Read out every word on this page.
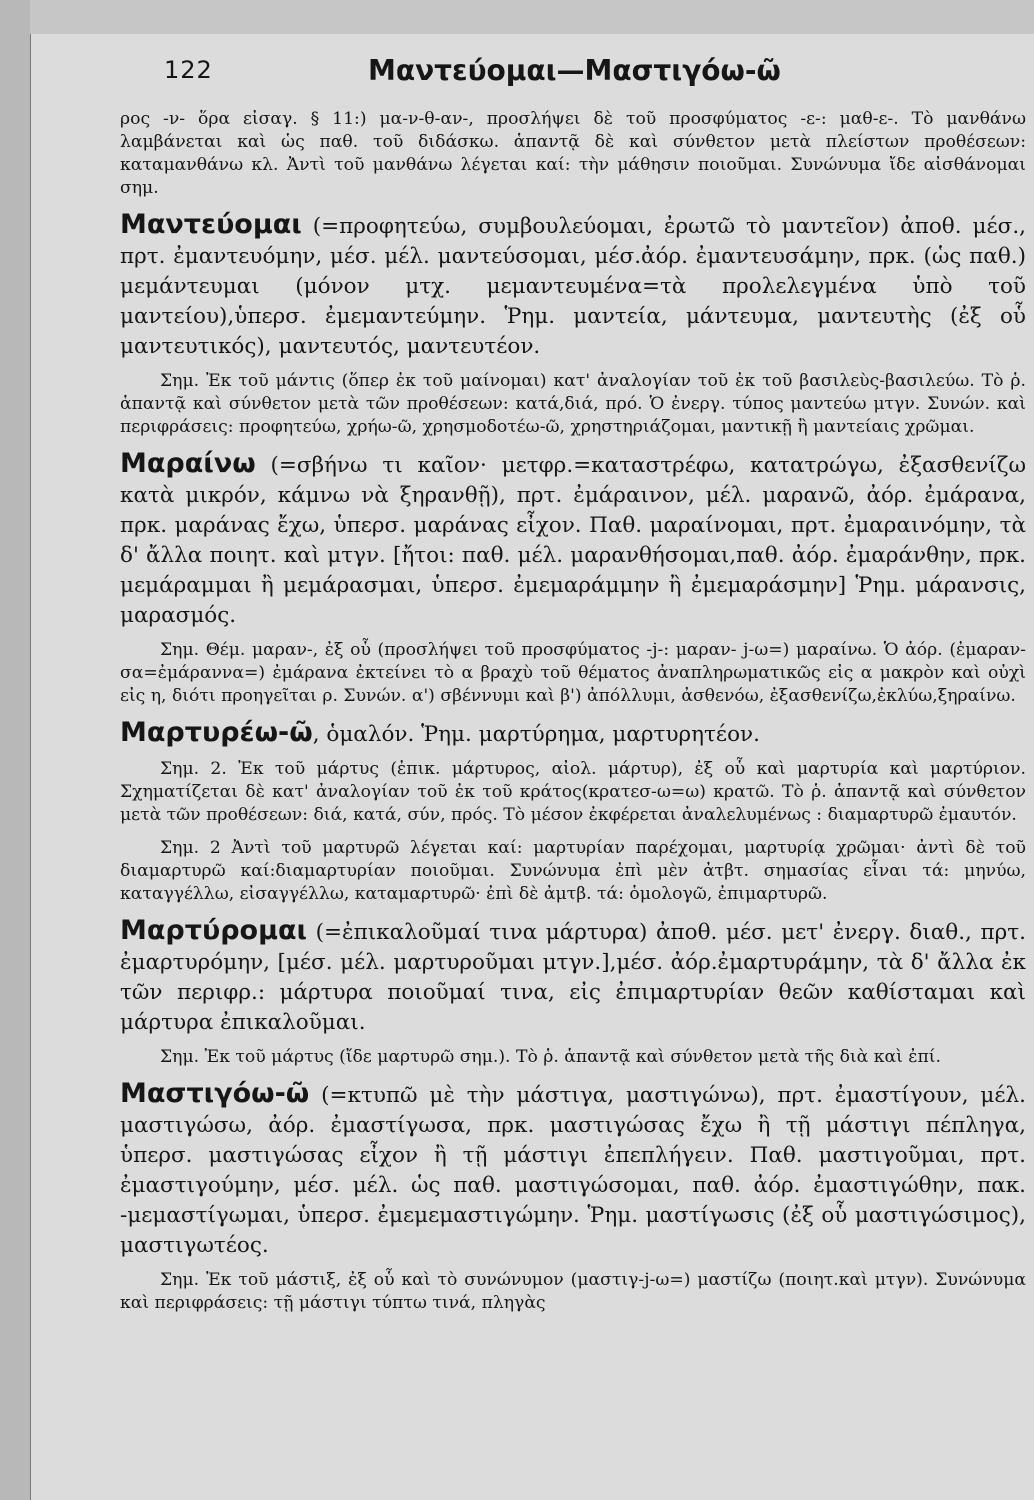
122	Μαντεύομαι—Μαστιγόω-ῶ

ρος -ν- ὅρα εἰσαγ. § 11:) μα-ν-θ-αν-, προσλήψει δὲ τοῦ προσφύματος -ε-: μαθ-ε-. Τὸ μανθάνω λαμβάνεται καὶ ὡς παθ. τοῦ διδάσκω. ἁπαντᾷ δὲ καὶ σύνθετον μετὰ πλείστων προθέσεων: καταμανθάνω κλ. Ἀντὶ τοῦ μανθάνω λέγεται καί: τὴν μάθησιν ποιοῦμαι. Συνώνυμα ἴδε αἰσθάνομαι σημ.

Μαντεύομαι (=προφητεύω, συμβουλεύομαι, ἐρωτῶ τὸ μαντεῖον) ἀποθ. μέσ., πρτ. ἐμαντευόμην, μέσ. μέλ. μαντεύσομαι, μέσ.ἀόρ. ἐμαντευσάμην, πρκ. (ὡς παθ.) μεμάντευμαι (μόνον μτχ. μεμαντευμένα=τὰ προλελεγμένα ὑπὸ τοῦ μαντείου),ὑπερσ. ἐμεμαντεύμην. Ῥημ. μαντεία, μάντευμα, μαντευτὴς (ἐξ οὗ μαντευτικός), μαντευτός, μαντευτέον.

Σημ. Ἐκ τοῦ μάντις (ὅπερ ἐκ τοῦ μαίνομαι) κατ' ἀναλογίαν τοῦ ἐκ τοῦ βασιλεὺς-βασιλεύω. Τὸ ῥ. ἁπαντᾷ καὶ σύνθετον μετὰ τῶν προθέσεων: κατά,διά, πρό. Ὁ ἐνεργ. τύπος μαντεύω μτγν. Συνών. καὶ περιφράσεις: προφητεύω, χρήω-ῶ, χρησμοδοτέω-ῶ, χρηστηριάζομαι, μαντικῇ ἢ μαντείαις χρῶμαι.

Μαραίνω (=σβήνω τι καῖον· μετφρ.=καταστρέφω, κατατρώγω, ἐξασθενίζω κατὰ μικρόν, κάμνω νὰ ξηρανθῇ), πρτ. ἐμάραινον, μέλ. μαρανῶ, ἀόρ. ἐμάρανα, πρκ. μαράνας ἔχω, ὑπερσ. μαράνας εἶχον. Παθ. μαραίνομαι, πρτ. ἐμαραινόμην, τὰ δ' ἄλλα ποιητ. καὶ μτγν. [ἤτοι: παθ. μέλ. μαρανθήσομαι,παθ. ἀόρ. ἐμαράνθην, πρκ. μεμάραμμαι ἢ μεμάρασμαι, ὑπερσ. ἐμεμαράμμην ἢ ἐμεμαράσμην] Ῥημ. μάρανσις, μαρασμός.

Σημ. Θέμ. μαραν-, ἐξ οὗ (προσλήψει τοῦ προσφύματος -j-: μαραν- j-ω=) μαραίνω. Ὁ ἀόρ. (ἐμαραν-σα=ἐμάραννα=) ἐμάρανα ἐκτείνει τὸ α βραχὺ τοῦ θέματος ἀναπληρωματικῶς εἰς α μακρὸν καὶ οὐχὶ εἰς η, διότι προηγεῖται ρ. Συνών. α') σβέννυμι καὶ β') ἀπόλλυμι, ἀσθενόω, ἐξασθενίζω,ἐκλύω,ξηραίνω.

Μαρτυρέω-ῶ, ὁμαλόν. Ῥημ. μαρτύρημα, μαρτυρητέον.

Σημ. 2. Ἐκ τοῦ μάρτυς (ἐπικ. μάρτυρος, αἰολ. μάρτυρ), ἐξ οὗ καὶ μαρτυρία καὶ μαρτύριον. Σχηματίζεται δὲ κατ' ἀναλογίαν τοῦ ἐκ τοῦ κράτος(κρατεσ-ω=ω) κρατῶ. Τὸ ῥ. ἁπαντᾷ καὶ σύνθετον μετὰ τῶν προθέσεων: διά, κατά, σύν, πρός. Τὸ μέσον ἐκφέρεται ἀναλελυμένως : διαμαρτυρῶ ἐμαυτόν.

Σημ. 2 Ἀντὶ τοῦ μαρτυρῶ λέγεται καί: μαρτυρίαν παρέχομαι, μαρτυρίᾳ χρῶμαι· ἀντὶ δὲ τοῦ διαμαρτυρῶ καί:διαμαρτυρίαν ποιοῦμαι. Συνώνυμα ἐπὶ μὲν ἀτβτ. σημασίας εἶναι τά: μηνύω, καταγγέλλω, εἰσαγγέλλω, καταμαρτυρῶ· ἐπὶ δὲ ἀμτβ. τά: ὁμολογῶ, ἐπιμαρτυρῶ.

Μαρτύρομαι (=ἐπικαλοῦμαί τινα μάρτυρα) ἀποθ. μέσ. μετ' ἐνεργ. διαθ., πρτ. ἐμαρτυρόμην, [μέσ. μέλ. μαρτυροῦμαι μτγν.],μέσ. ἀόρ.ἐμαρτυράμην, τὰ δ' ἄλλα ἐκ τῶν περιφρ.: μάρτυρα ποιοῦμαί τινα, εἰς ἐπιμαρτυρίαν θεῶν καθίσταμαι καὶ μάρτυρα ἐπικαλοῦμαι.

Σημ. Ἐκ τοῦ μάρτυς (ἴδε μαρτυρῶ σημ.). Τὸ ῥ. ἁπαντᾷ καὶ σύνθετον μετὰ τῆς διὰ καὶ ἐπί.

Μαστιγόω-ῶ (=κτυπῶ μὲ τὴν μάστιγα, μαστιγώνω), πρτ. ἐμαστίγουν, μέλ. μαστιγώσω, ἀόρ. ἐμαστίγωσα, πρκ. μαστιγώσας ἔχω ἢ τῇ μάστιγι πέπληγα, ὑπερσ. μαστιγώσας εἶχον ἢ τῇ μάστιγι ἐπεπλήγειν. Παθ. μαστιγοῦμαι, πρτ. ἐμαστιγούμην, μέσ. μέλ. ὡς παθ. μαστιγώσομαι, παθ. ἀόρ. ἐμαστιγώθην, πακ. -μεμαστίγωμαι, ὑπερσ. ἐμεμεμαστιγώμην. Ῥημ. μαστίγωσις (ἐξ οὗ μαστιγώσιμος), μαστιγωτέος.

Σημ. Ἐκ τοῦ μάστιξ, ἐξ οὗ καὶ τὸ συνώνυμον (μαστιγ-j-ω=) μαστίζω (ποιητ.καὶ μτγν). Συνώνυμα καὶ περιφράσεις: τῇ μάστιγι τύπτω τινά, πληγὰς
